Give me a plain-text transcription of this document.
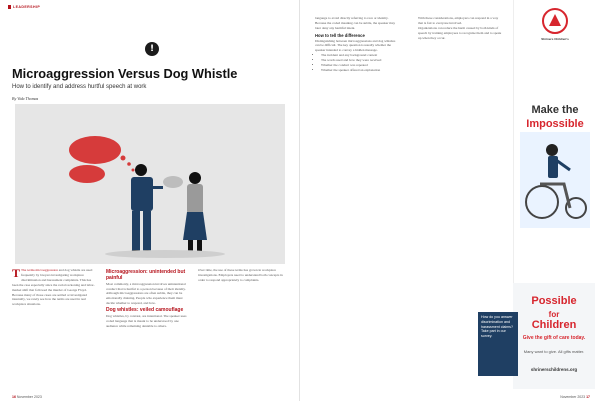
LEADERSHIP
!
Microaggression Versus Dog Whistle
How to identify and address hurtful speech at work
By Vida Thomas

T The terms microaggression and dog whistle are used frequently by lawyers investigating workplace discrimination and harassment complaints. This has been the case especially since the racial reckoning and labor-market shift that followed the murder of George Floyd. Because many of those cases are settled or investigated internally, we rarely see how the terms are used in real workplace situations.

Microaggression: unintended but painful

Most commonly, a microaggression involves unintentional conduct that is hurtful to a person because of their identity. Although microaggressions are often subtle, they can be emotionally draining. People who experience them must decide whether to respond, and how.

Dog whistles: veiled camouflage

Dog whistles, by contrast, are intentional. The speaker uses coded language that is meant to be understood by one audience while remaining deniable to others.

Over time, the use of these terms has grown in workplace investigations. Employers need to understand both concepts in order to respond appropriately to complaints.

16 November 2023

language to avoid directly referring to race or identity. Because the coded meaning can be subtle, the speaker may later deny any harmful intent.

How to tell the difference

Distinguishing between microaggressions and dog whistles can be difficult. The key question is usually whether the speaker intended to convey a hidden message.

• The incident and any background context
• The words used and how they were received
• Whether the conduct was repeated
• Whether the speaker offered an explanation

With these considerations, employers can respond in a way that is fair to everyone involved.

Organizations can reduce the harm caused by both kinds of speech by training employees to recognize them and to speak up when they occur.	Shriners Children's
Make the
Impossible
Possible
for
Children
Give the gift of care today.
Many want to give. All gifts matter.
shrinerschildrens.org
How do you answer discrimination and harassment claims? Take part in our survey.
November 2023 17
